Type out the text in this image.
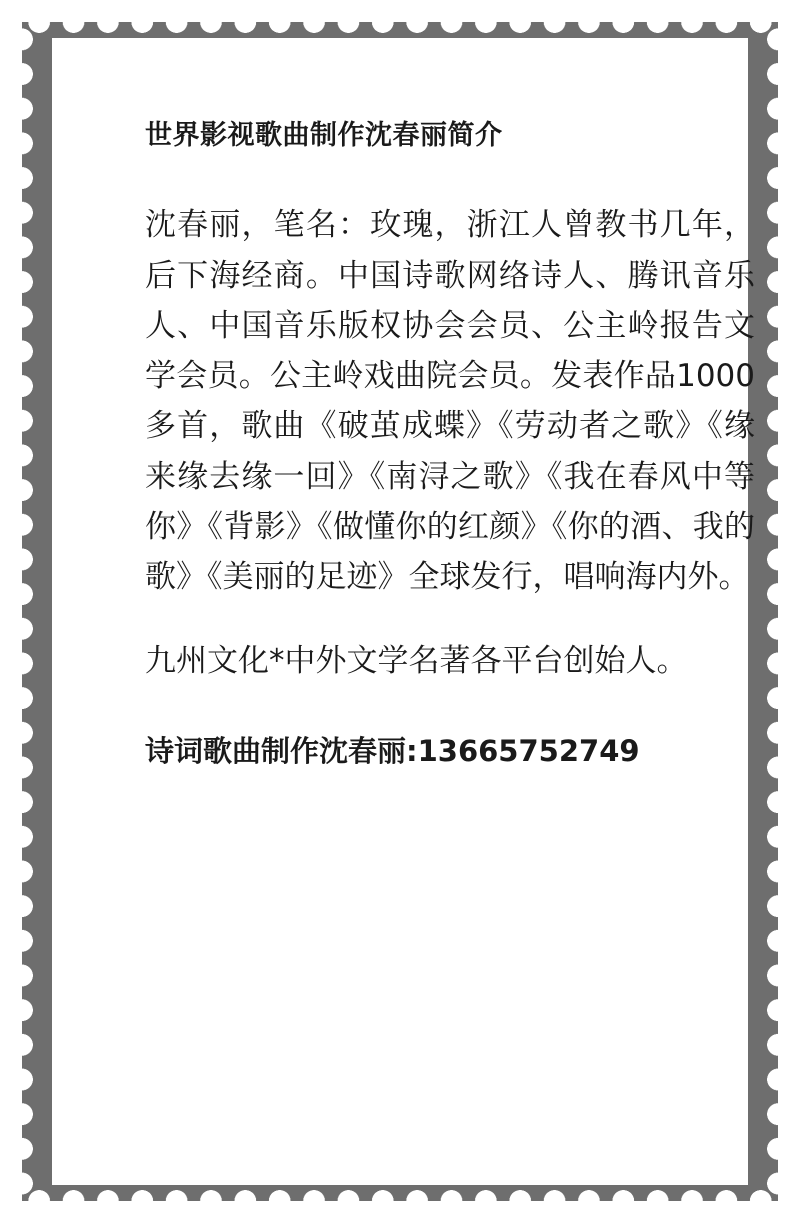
世界影视歌曲制作沈春丽简介

沈春丽，笔名：玫瑰，浙江人曾教书几年，后下海经商。中国诗歌网络诗人、腾讯音乐人、中国音乐版权协会会员、公主岭报告文学会员。公主岭戏曲院会员。发表作品1000多首，歌曲《破茧成蝶》《劳动者之歌》《缘来缘去缘一回》《南浔之歌》《我在春风中等你》《背影》《做懂你的红颜》《你的酒、我的歌》《美丽的足迹》全球发行，唱响海内外。

九州文化*中外文学名著各平台创始人。

诗词歌曲制作沈春丽:13665752749
